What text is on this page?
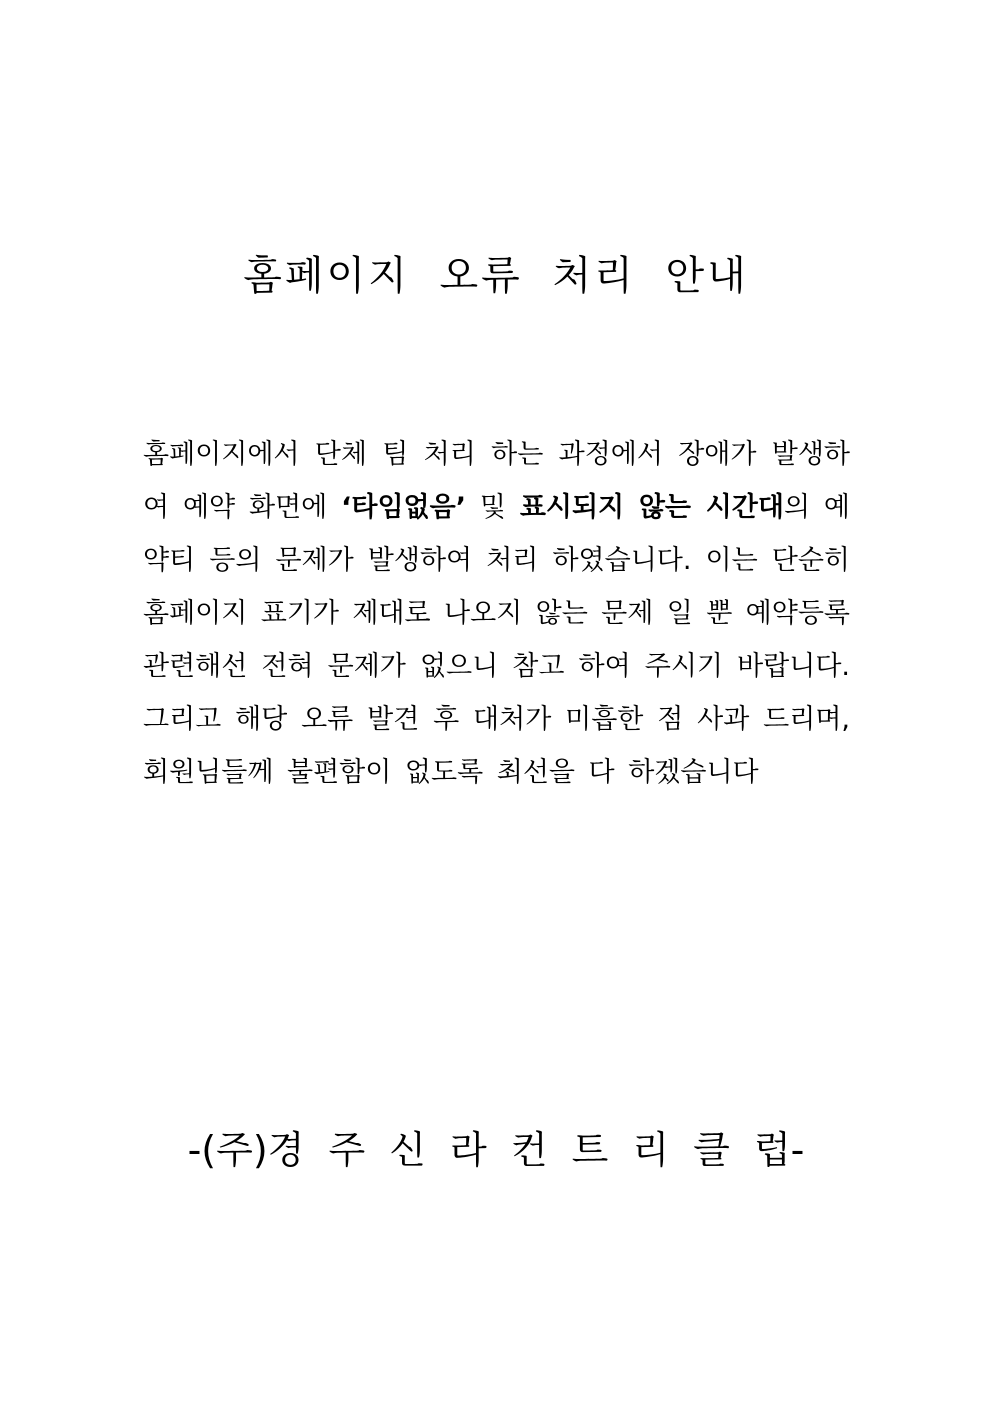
홈페이지 오류 처리 안내
홈페이지에서 단체 팀 처리 하는 과정에서 장애가 발생하
여 예약 화면에 ‘타임없음’ 및 표시되지 않는 시간대의 예
약티 등의 문제가 발생하여 처리 하였습니다. 이는 단순히
홈페이지 표기가 제대로 나오지 않는 문제 일 뿐 예약등록
관련해선 전혀 문제가 없으니 참고 하여 주시기 바랍니다.
그리고 해당 오류 발견 후 대처가 미흡한 점 사과 드리며,
회원님들께 불편함이 없도록 최선을 다 하겠습니다

-(주)경 주 신 라 컨 트 리 클 럽-
